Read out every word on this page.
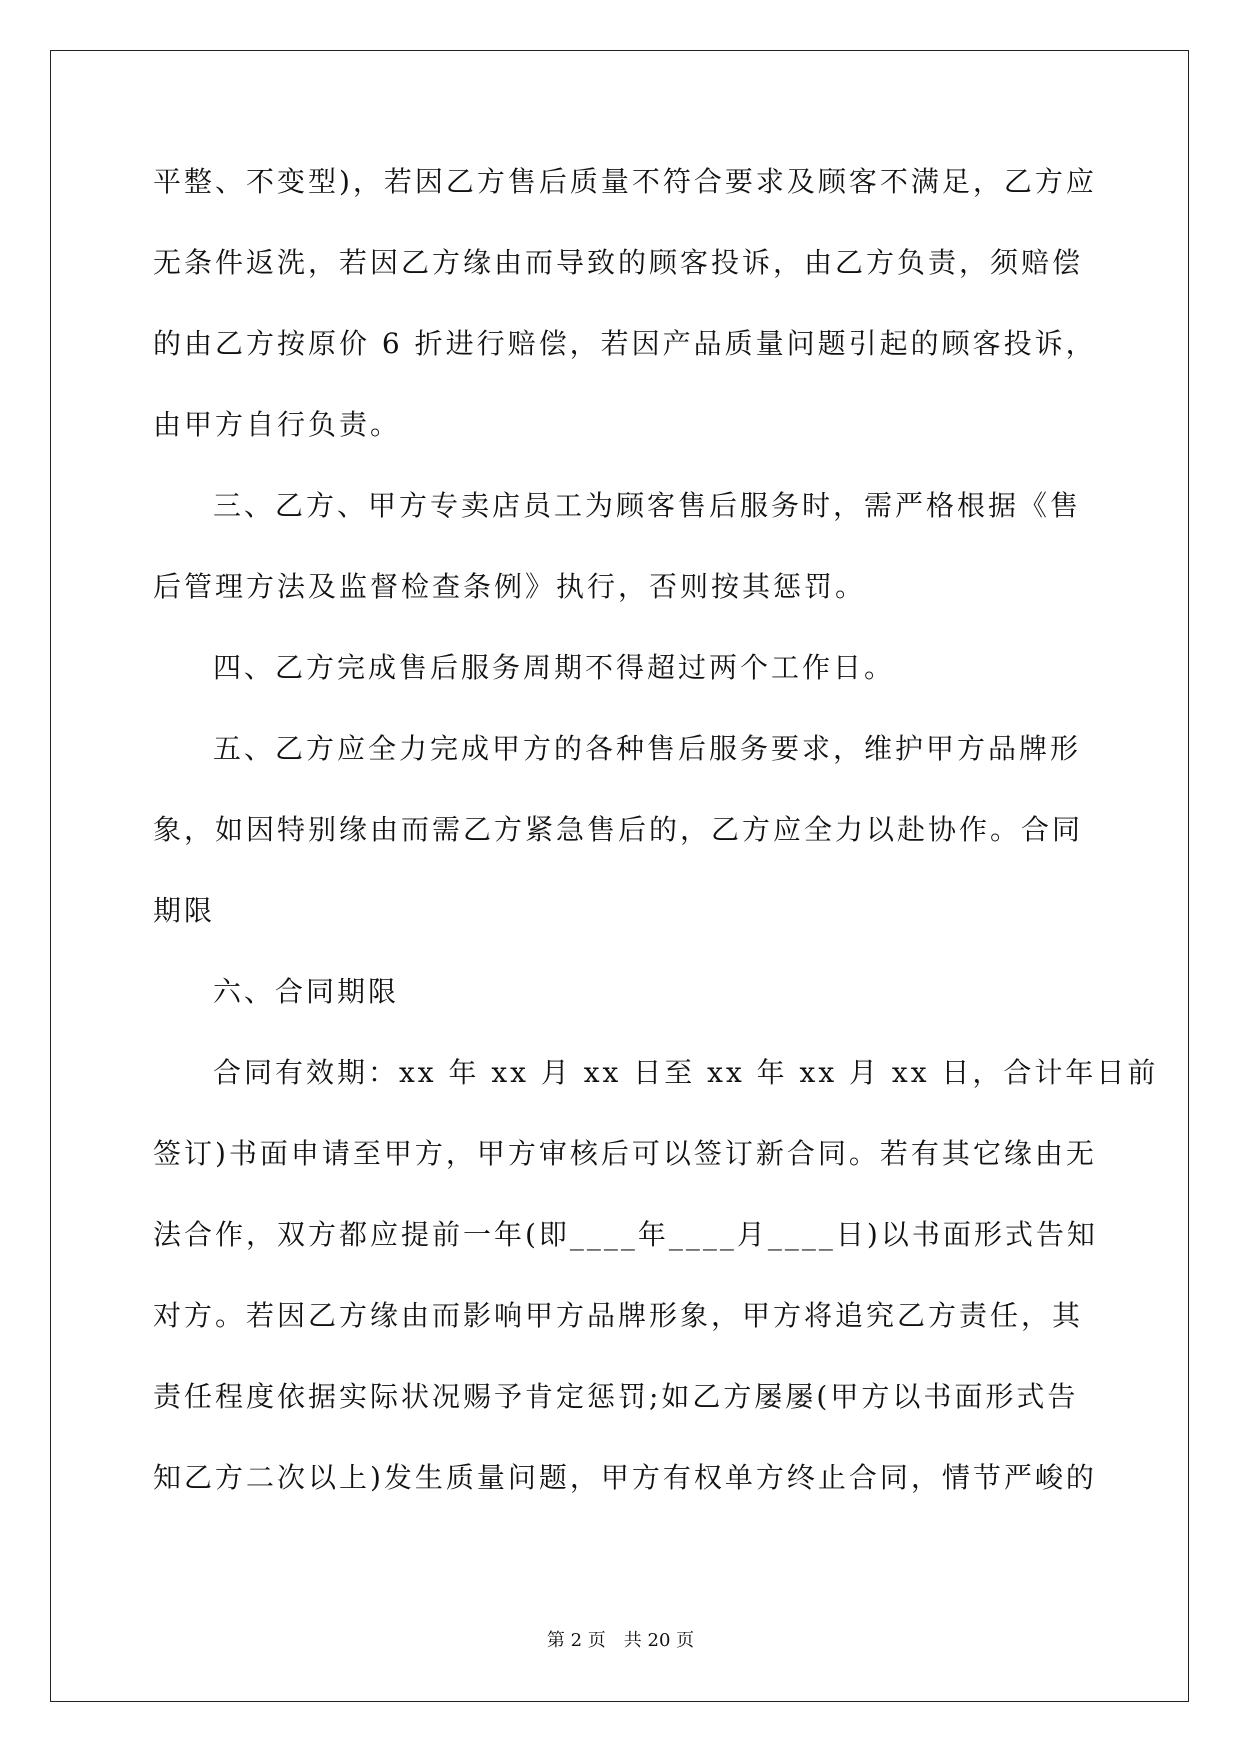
平整、不变型)，若因乙方售后质量不符合要求及顾客不满足，乙方应
无条件返洗，若因乙方缘由而导致的顾客投诉，由乙方负责，须赔偿
的由乙方按原价 6 折进行赔偿，若因产品质量问题引起的顾客投诉，
由甲方自行负责。
三、乙方、甲方专卖店员工为顾客售后服务时，需严格根据《售
后管理方法及监督检查条例》执行，否则按其惩罚。
四、乙方完成售后服务周期不得超过两个工作日。
五、乙方应全力完成甲方的各种售后服务要求，维护甲方品牌形
象，如因特别缘由而需乙方紧急售后的，乙方应全力以赴协作。合同
期限
六、合同期限
合同有效期：xx 年 xx 月 xx 日至 xx 年 xx 月 xx 日，合计年日前
签订)书面申请至甲方，甲方审核后可以签订新合同。若有其它缘由无
法合作，双方都应提前一年(即____年____月____日)以书面形式告知
对方。若因乙方缘由而影响甲方品牌形象，甲方将追究乙方责任，其
责任程度依据实际状况赐予肯定惩罚;如乙方屡屡(甲方以书面形式告
知乙方二次以上)发生质量问题，甲方有权单方终止合同，情节严峻的
第 2 页　共 20 页
